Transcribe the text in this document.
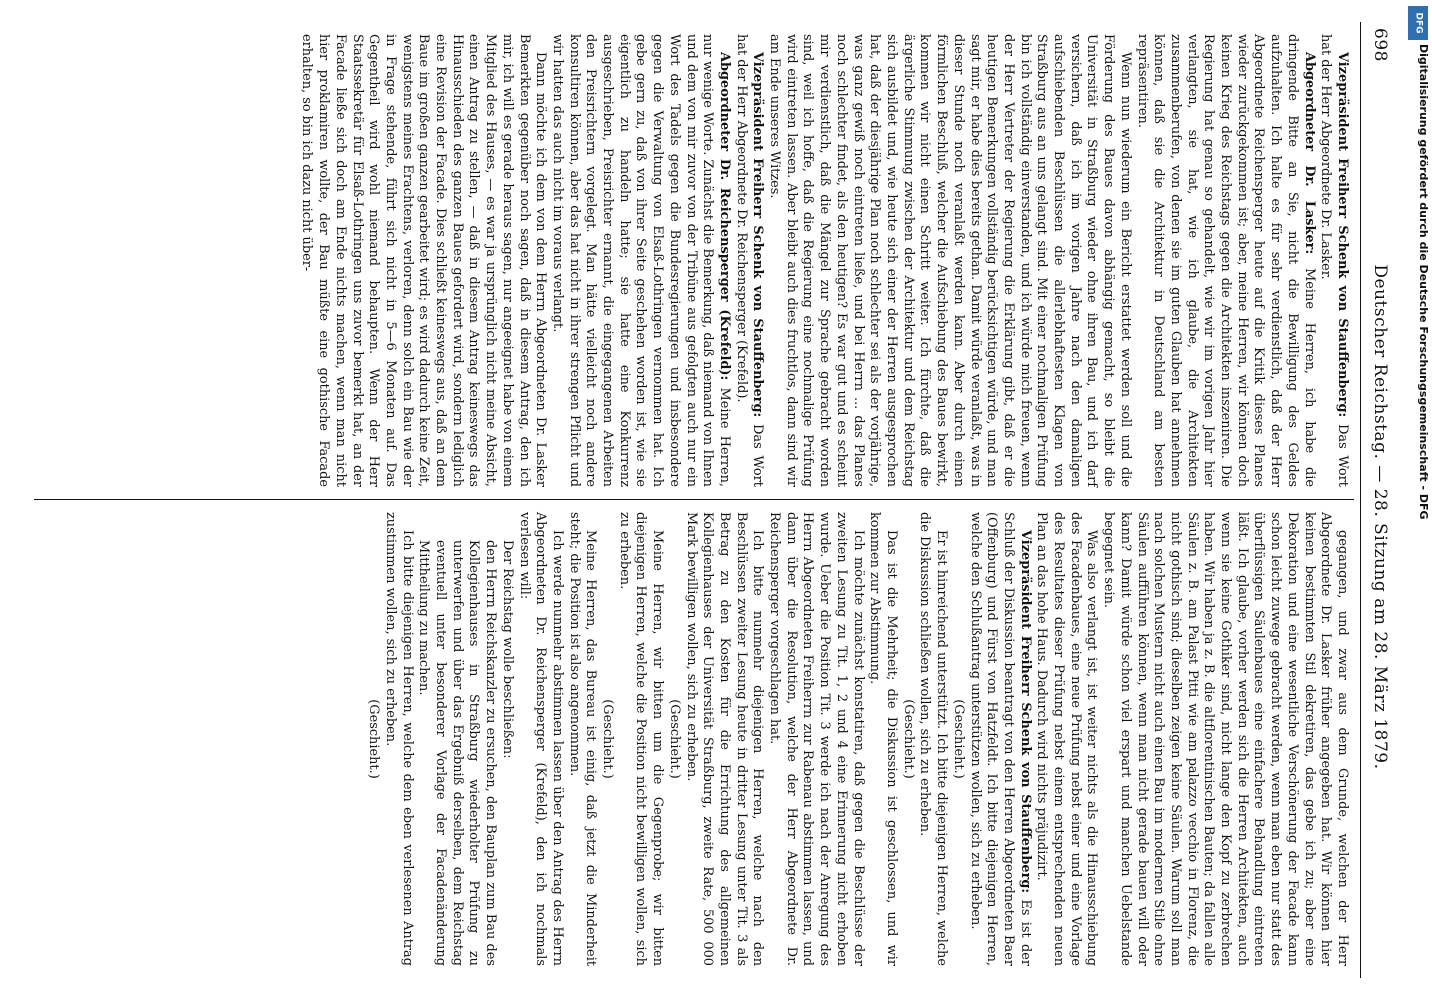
698
Deutscher Reichstag. — 28. Sitzung am 28. März 1879.

Vizepräsident Freiherr Schenk von Stauffenberg: Das Wort hat der Herr Abgeordnete Dr. Lasker.

Abgeordneter Dr. Lasker: Meine Herren, ich habe die dringende Bitte an Sie, nicht die Bewilligung des Geldes aufzuhalten. Ich halte es für sehr verdienstlich, daß der Herr Abgeordnete Reichensperger heute auf die Kritik dieses Planes wieder zurückgekommen ist; aber, meine Herren, wir können doch keinen Krieg des Reichstags gegen die Architekten inszeniren. Die Regierung hat genau so gehandelt, wie wir im vorigen Jahr hier verlangten, sie hat, wie ich glaube, die Architekten zusammenberufen, von denen sie im guten Glauben hat annehmen können, daß sie die Architektur in Deutschland am besten repräsentiren.

Wenn nun wiederum ein Bericht erstattet werden soll und die Förderung des Baues davon abhängig gemacht, so bleibt die Universität in Straßburg wieder ohne ihren Bau, und ich darf versichern, daß ich im vorigen Jahre nach den damaligen aufschiebenden Beschlüssen die allerlebhaftesten Klagen von Straßburg aus an uns gelangt sind. Mit einer nochmaligen Prüfung bin ich vollständig einverstanden, und ich würde mich freuen, wenn der Herr Vertreter der Regierung die Erklärung gibt, daß er die heutigen Bemerkungen vollständig berücksichtigen würde, und man sagt mir, er habe dies bereits gethan. Damit würde veranlaßt, was in dieser Stunde noch veranlaßt werden kann. Aber durch einen förmlichen Beschluß, welcher die Aufschiebung des Baues bewirkt, kommen wir nicht einen Schritt weiter. Ich fürchte, daß die ärgerliche Stimmung zwischen der Architektur und dem Reichstag sich ausbildet und, wie heute sich einer der Herren ausgesprochen hat, daß der diesjährige Plan noch schlechter sei als der vorjährige, was ganz gewiß noch eintreten ließe, und bei Herrn ... das Planes noch schlechter findet, als den heutigen? Es war gut und es scheint mir verdienstlich, daß die Mängel zur Sprache gebracht worden sind, weil ich hoffe, daß die Regierung eine nochmalige Prüfung wird eintreten lassen. Aber bleibt auch dies fruchtlos, dann sind wir am Ende unseres Witzes.

Vizepräsident Freiherr Schenk von Stauffenberg: Das Wort hat der Herr Abgeordnete Dr. Reichensperger (Krefeld).

Abgeordneter Dr. Reichensperger (Krefeld): Meine Herren, nur wenige Worte. Zunächst die Bemerkung, daß niemand von Ihnen und dem von mir zuvor von der Tribüne aus gefolgten auch nur ein Wort des Tadels gegen die Bundesregierungen und insbesondere gegen die Verwaltung von Elsaß-Lothringen vernommen hat. Ich gebe gern zu, daß von ihrer Seite geschehen worden ist, wie sie eigentlich zu handeln hatte; sie hatte eine Konkurrenz ausgeschrieben, Preisrichter ernannt, die eingegangenen Arbeiten den Preisrichtern vorgelegt. Man hätte vielleicht noch andere konsultiren können, aber das hat nicht in ihrer strengen Pflicht und wir hatten das auch nicht im voraus verlangt.

Dann möchte ich dem von dem Herrn Abgeordneten Dr. Lasker Bemerkten gegenüber noch sagen, daß in diesem Antrag, den ich mir, ich will es gerade heraus sagen, nur angeeignet habe von einem Mitglied des Hauses, — es war ja ursprünglich nicht meine Absicht, einen Antrag zu stellen, — daß in diesem Antrag keineswegs das Hinausschieden des ganzen Baues gefordert wird, sondern lediglich eine Revision der Facade. Dies schließt keineswegs aus, daß an dem Baue im großen ganzen gearbeitet wird; es wird dadurch keine Zeit, wenigstens meines Erachtens, verloren, denn solch ein Bau wie der in Frage stehende, führt sich nicht in 5—6 Monaten auf. Das Gegentheil wird wohl niemand behaupten. Wenn der Herr Staatssekretär für Elsaß-Lothringen uns zuvor bemerkt hat, an der Facade ließe sich doch am Ende nichts machen, wenn man nicht hier proklamiren wollte, der Bau müßte eine gothische Facade erhalten, so bin ich dazu nicht über-

gegangen, und zwar aus dem Grunde, welchen der Herr Abgeordnete Dr. Lasker früher angegeben hat. Wir können hier keinen bestimmten Stil dekretiren, das gebe ich zu; aber eine Dekoration und eine wesentliche Verschönerung der Facade kann schon leicht zuwege gebracht werden, wenn man eben nur statt des überflüssigen Säulenbaues eine einfachere Behandlung eintreten läßt. Ich glaube, vorher werden sich die Herren Architekten, auch wenn sie keine Gothiker sind, nicht lange den Kopf zu zerbrechen haben. Wir haben ja z. B. die altflorentinischen Bauten; da fallen alle Säulen z. B. am Palast Pitti wie am palazzo vecchio in Florenz, die nicht gothisch sind; dieselben zeigen keine Säulen. Warum soll man nach solchen Mustern nicht auch einen Bau im modernen Stile ohne Säulen aufführen können, wenn man nicht gerade bauen will oder kann? Damit würde schon viel erspart und manchen Uebelstande begegnet sein.

Was also verlangt ist, ist weiter nichts als die Hinausschiebung des Facadenbaues, eine neue Prüfung nebst einer und eine Vorlage des Resultates dieser Prüfung nebst einem entsprechenden neuen Plan an das hohe Haus. Dadurch wird nichts präjudizirt.

Vizepräsident Freiherr Schenk von Stauffenberg: Es ist der Schluß der Diskussion beantragt von den Herren Abgeordneten Baer (Offenburg) und Fürst von Hatzfeldt. Ich bitte diejenigen Herren, welche den Schlußantrag unterstützen wollen, sich zu erheben.

(Geschieht.)

Er ist hinreichend unterstützt. Ich bitte diejenigen Herren, welche die Diskussion schließen wollen, sich zu erheben.

(Geschieht.)

Das ist die Mehrheit; die Diskussion ist geschlossen, und wir kommen zur Abstimmung.

Ich möchte zunächst konstatiren, daß gegen die Beschlüsse der zweiten Lesung zu Tit. 1, 2 und 4 eine Erinnerung nicht erhoben wurde. Ueber die Position Tit. 3 werde ich nach der Anregung des Herrn Abgeordneten Freiherrn zur Rabenau abstimmen lassen, und dann über die Resolution, welche der Herr Abgeordnete Dr. Reichensperger vorgeschlagen hat.

Ich bitte nunmehr diejenigen Herren, welche nach den Beschlüssen zweiter Lesung heute in dritter Lesung unter Tit. 3 als Betrag zu den Kosten für die Errichtung des allgemeinen Kollegienhauses der Universität Straßburg, zweite Rate, 500 000 Mark bewilligen wollen, sich zu erheben.

(Geschieht.)

Meine Herren, wir bitten um die Gegenprobe; wir bitten diejenigen Herren, welche die Position nicht bewilligen wollen, sich zu erheben.

(Geschieht.)

Meine Herren, das Bureau ist einig, daß jetzt die Minderheit steht; die Position ist also angenommen.

Ich werde nunmehr abstimmen lassen über den Antrag des Herrn Abgeordneten Dr. Reichensperger (Krefeld), den ich nochmals verlesen will:

Der Reichstag wolle beschließen:

den Herrn Reichskanzler zu ersuchen, den Bauplan zum Bau des Kollegienhauses in Straßburg wiederholter Prüfung zu unterwerfen und über das Ergebniß derselben, dem Reichstag eventuell unter besonderer Vorlage der Facadenänderung Mittheilung zu machen.

Ich bitte diejenigen Herren, welche dem eben verlesenen Antrag zustimmen wollen, sich zu erheben.

(Geschieht.)

DFG
Digitalisierung gefördert durch die Deutsche Forschungsgemeinschaft - DFG
